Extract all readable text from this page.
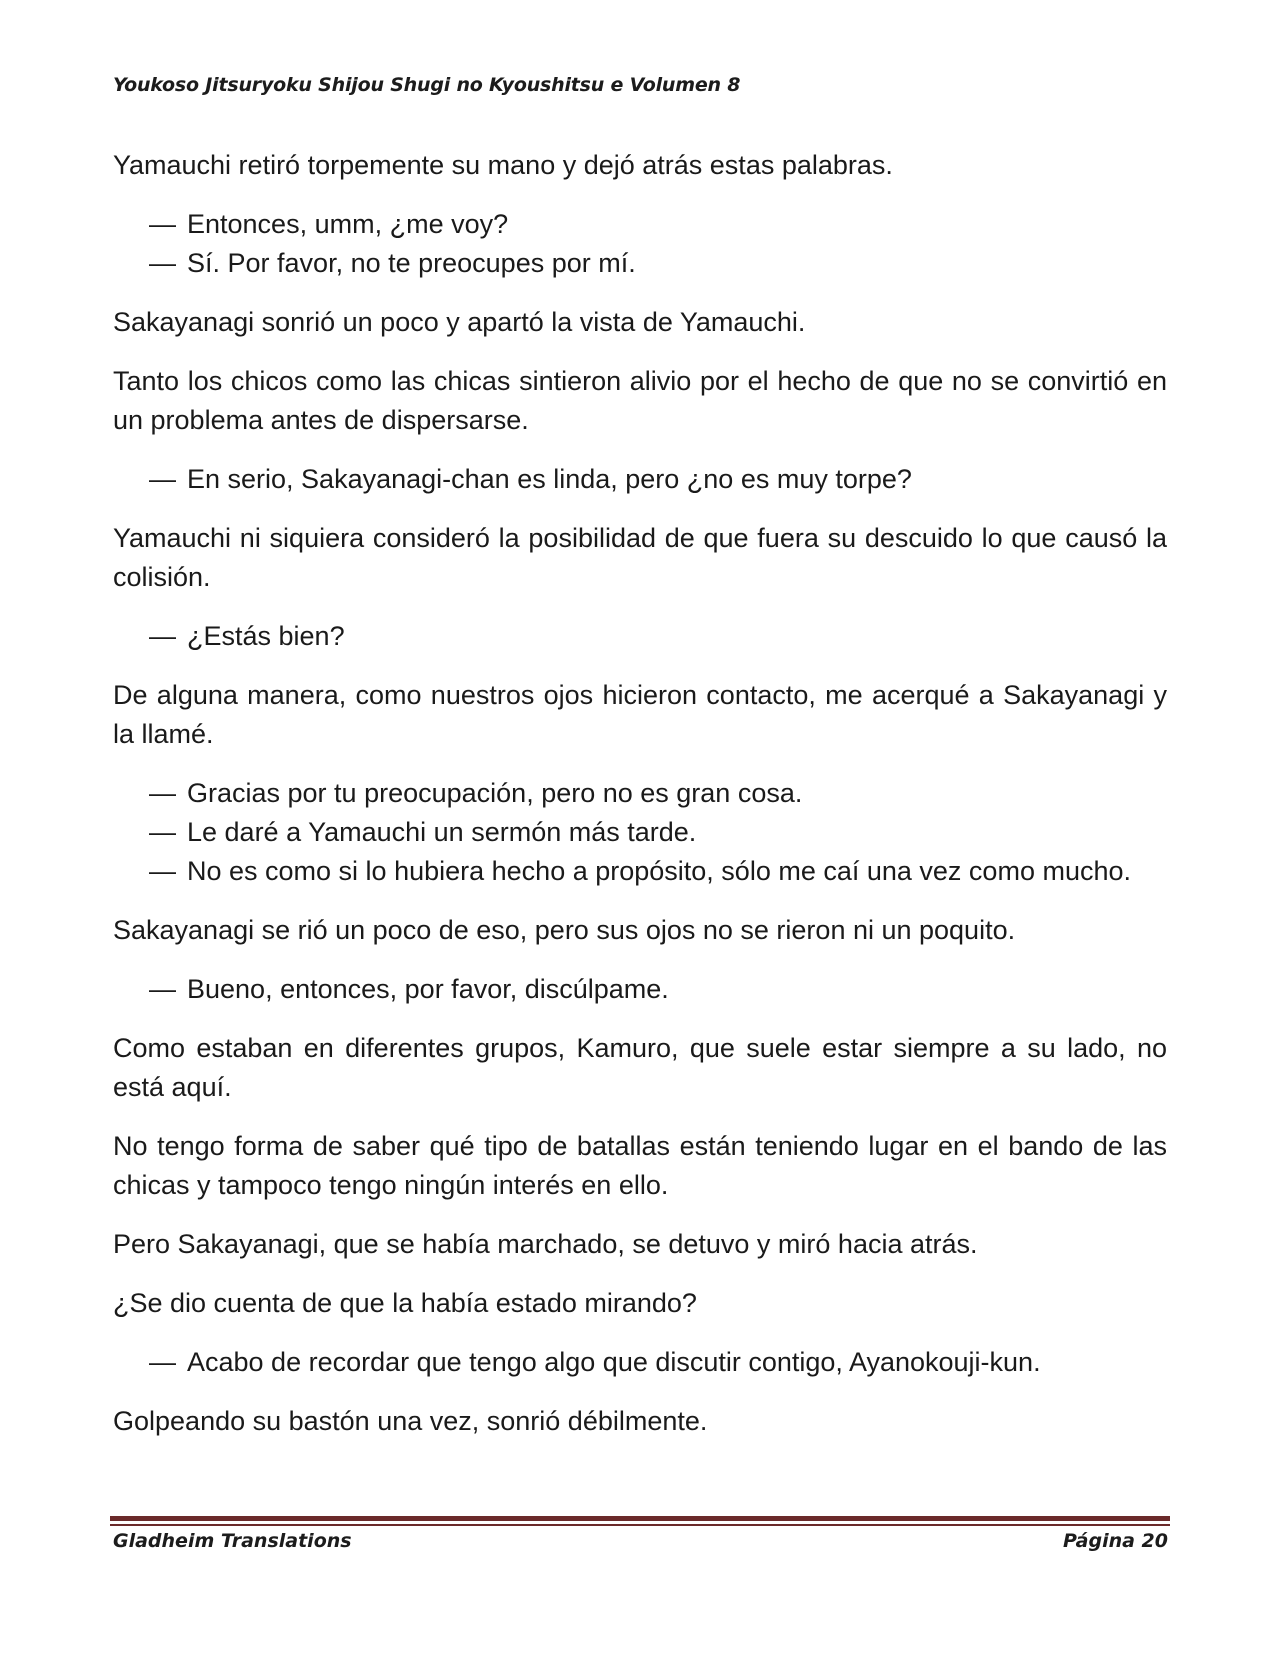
Youkoso Jitsuryoku Shijou Shugi no Kyoushitsu e Volumen 8

Yamauchi retiró torpemente su mano y dejó atrás estas palabras.

— Entonces, umm, ¿me voy?
— Sí. Por favor, no te preocupes por mí.

Sakayanagi sonrió un poco y apartó la vista de Yamauchi.

Tanto los chicos como las chicas sintieron alivio por el hecho de que no se convirtió en un problema antes de dispersarse.

— En serio, Sakayanagi-chan es linda, pero ¿no es muy torpe?

Yamauchi ni siquiera consideró la posibilidad de que fuera su descuido lo que causó la colisión.

— ¿Estás bien?

De alguna manera, como nuestros ojos hicieron contacto, me acerqué a Sakayanagi y la llamé.

— Gracias por tu preocupación, pero no es gran cosa.
— Le daré a Yamauchi un sermón más tarde.
— No es como si lo hubiera hecho a propósito, sólo me caí una vez como mucho.

Sakayanagi se rió un poco de eso, pero sus ojos no se rieron ni un poquito.

— Bueno, entonces, por favor, discúlpame.

Como estaban en diferentes grupos, Kamuro, que suele estar siempre a su lado, no está aquí.

No tengo forma de saber qué tipo de batallas están teniendo lugar en el bando de las chicas y tampoco tengo ningún interés en ello.

Pero Sakayanagi, que se había marchado, se detuvo y miró hacia atrás.

¿Se dio cuenta de que la había estado mirando?

— Acabo de recordar que tengo algo que discutir contigo, Ayanokouji-kun.

Golpeando su bastón una vez, sonrió débilmente.

Gladheim Translations	Página 20
